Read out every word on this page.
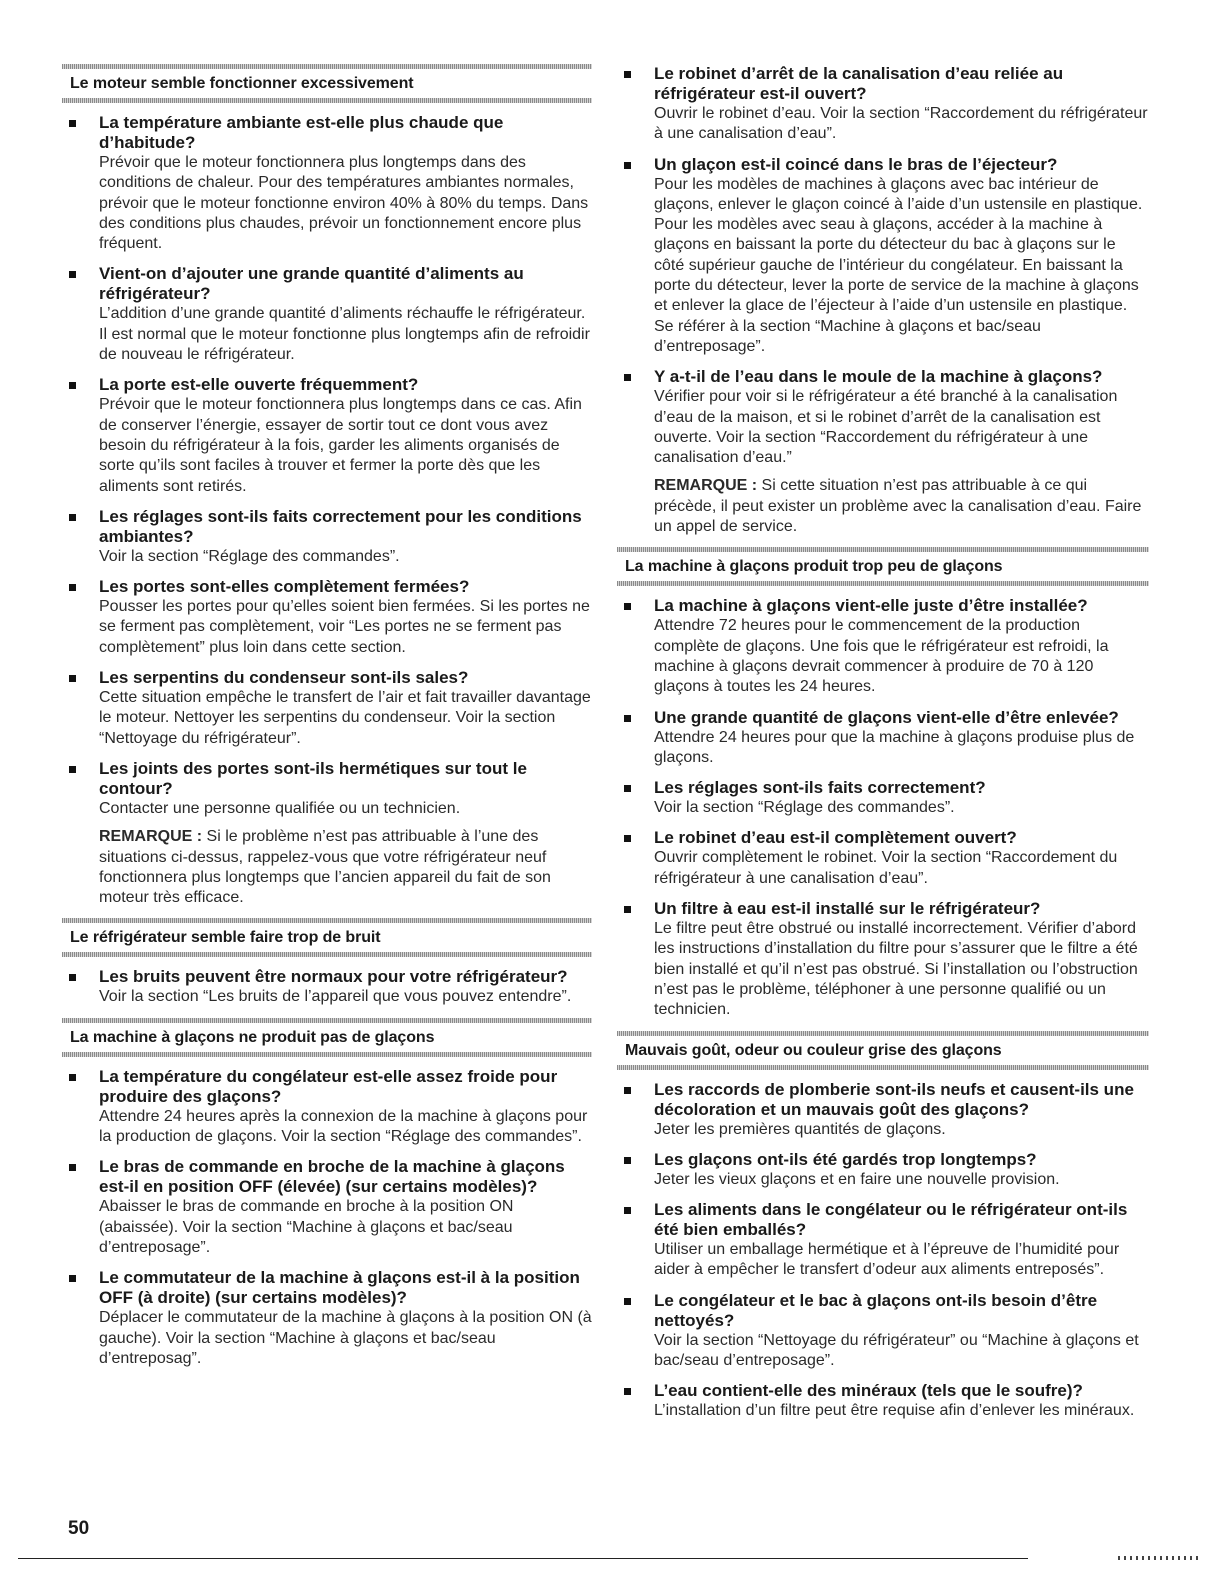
Le moteur semble fonctionner excessivement
La température ambiante est-elle plus chaude que d’habitude?
Prévoir que le moteur fonctionnera plus longtemps dans des conditions de chaleur. Pour des températures ambiantes normales, prévoir que le moteur fonctionne environ 40% à 80% du temps. Dans des conditions plus chaudes, prévoir un fonctionnement encore plus fréquent.
Vient-on d’ajouter une grande quantité d’aliments au réfrigérateur?
L’addition d’une grande quantité d’aliments réchauffe le réfrigérateur. Il est normal que le moteur fonctionne plus longtemps afin de refroidir de nouveau le réfrigérateur.
La porte est-elle ouverte fréquemment?
Prévoir que le moteur fonctionnera plus longtemps dans ce cas. Afin de conserver l’énergie, essayer de sortir tout ce dont vous avez besoin du réfrigérateur à la fois, garder les aliments organisés de sorte qu’ils sont faciles à trouver et fermer la porte dès que les aliments sont retirés.
Les réglages sont-ils faits correctement pour les conditions ambiantes?
Voir la section “Réglage des commandes”.
Les portes sont-elles complètement fermées?
Pousser les portes pour qu’elles soient bien fermées. Si les portes ne se ferment pas complètement, voir “Les portes ne se ferment pas complètement” plus loin dans cette section.
Les serpentins du condenseur sont-ils sales?
Cette situation empêche le transfert de l’air et fait travailler davantage le moteur. Nettoyer les serpentins du condenseur. Voir la section “Nettoyage du réfrigérateur”.
Les joints des portes sont-ils hermétiques sur tout le contour?
Contacter une personne qualifiée ou un technicien.
REMARQUE : Si le problème n’est pas attribuable à l’une des situations ci-dessus, rappelez-vous que votre réfrigérateur neuf fonctionnera plus longtemps que l’ancien appareil du fait de son moteur très efficace.
Le réfrigérateur semble faire trop de bruit
Les bruits peuvent être normaux pour votre réfrigérateur?
Voir la section “Les bruits de l’appareil que vous pouvez entendre”.
La machine à glaçons ne produit pas de glaçons
La température du congélateur est-elle assez froide pour produire des glaçons?
Attendre 24 heures après la connexion de la machine à glaçons pour la production de glaçons. Voir la section “Réglage des commandes”.
Le bras de commande en broche de la machine à glaçons est-il en position OFF (élevée) (sur certains modèles)?
Abaisser le bras de commande en broche à la position ON (abaissée). Voir la section “Machine à glaçons et bac/seau d’entreposage”.
Le commutateur de la machine à glaçons est-il à la position OFF (à droite) (sur certains modèles)?
Déplacer le commutateur de la machine à glaçons à la position ON (à gauche). Voir la section “Machine à glaçons et bac/seau d’entreposag”.
Le robinet d’arrêt de la canalisation d’eau reliée au réfrigérateur est-il ouvert?
Ouvrir le robinet d’eau. Voir la section “Raccordement du réfrigérateur à une canalisation d’eau”.
Un glaçon est-il coincé dans le bras de l’éjecteur?
Pour les modèles de machines à glaçons avec bac intérieur de glaçons, enlever le glaçon coincé à l’aide d’un ustensile en plastique. Pour les modèles avec seau à glaçons, accéder à la machine à glaçons en baissant la porte du détecteur du bac à glaçons sur le côté supérieur gauche de l’intérieur du congélateur. En baissant la porte du détecteur, lever la porte de service de la machine à glaçons et enlever la glace de l’éjecteur à l’aide d’un ustensile en plastique. Se référer à la section “Machine à glaçons et bac/seau d’entreposage”.
Y a-t-il de l’eau dans le moule de la machine à glaçons?
Vérifier pour voir si le réfrigérateur a été branché à la canalisation d’eau de la maison, et si le robinet d’arrêt de la canalisation est ouverte. Voir la section “Raccordement du réfrigérateur à une canalisation d’eau.”
REMARQUE : Si cette situation n’est pas attribuable à ce qui précède, il peut exister un problème avec la canalisation d’eau. Faire un appel de service.
La machine à glaçons produit trop peu de glaçons
La machine à glaçons vient-elle juste d’être installée?
Attendre 72 heures pour le commencement de la production complète de glaçons. Une fois que le réfrigérateur est refroidi, la machine à glaçons devrait commencer à produire de 70 à 120 glaçons à toutes les 24 heures.
Une grande quantité de glaçons vient-elle d’être enlevée?
Attendre 24 heures pour que la machine à glaçons produise plus de glaçons.
Les réglages sont-ils faits correctement?
Voir la section “Réglage des commandes”.
Le robinet d’eau est-il complètement ouvert?
Ouvrir complètement le robinet. Voir la section “Raccordement du réfrigérateur à une canalisation d’eau”.
Un filtre à eau est-il installé sur le réfrigérateur?
Le filtre peut être obstrué ou installé incorrectement. Vérifier d’abord les instructions d’installation du filtre pour s’assurer que le filtre a été bien installé et qu’il n’est pas obstrué. Si l’installation ou l’obstruction n’est pas le problème, téléphoner à une personne qualifié ou un technicien.
Mauvais goût, odeur ou couleur grise des glaçons
Les raccords de plomberie sont-ils neufs et causent-ils une décoloration et un mauvais goût des glaçons?
Jeter les premières quantités de glaçons.
Les glaçons ont-ils été gardés trop longtemps?
Jeter les vieux glaçons et en faire une nouvelle provision.
Les aliments dans le congélateur ou le réfrigérateur ont-ils été bien emballés?
Utiliser un emballage hermétique et à l’épreuve de l’humidité pour aider à empêcher le transfert d’odeur aux aliments entreposés”.
Le congélateur et le bac à glaçons ont-ils besoin d’être nettoyés?
Voir la section “Nettoyage du réfrigérateur” ou “Machine à glaçons et bac/seau d’entreposage”.
L’eau contient-elle des minéraux (tels que le soufre)?
L’installation d’un filtre peut être requise afin d’enlever les minéraux.
50
